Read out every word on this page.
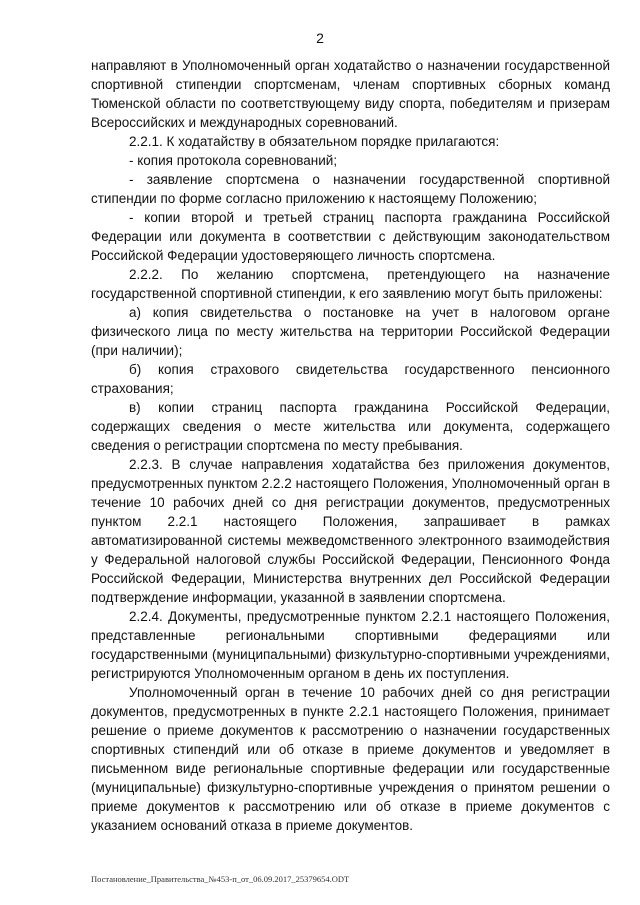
2

направляют в Уполномоченный орган ходатайство о назначении государственной спортивной стипендии спортсменам, членам спортивных сборных команд Тюменской области по соответствующему виду спорта, победителям и призерам Всероссийских и международных соревнований.

2.2.1. К ходатайству в обязательном порядке прилагаются:

- копия протокола соревнований;

- заявление спортсмена о назначении государственной спортивной стипендии по форме согласно приложению к настоящему Положению;

- копии второй и третьей страниц паспорта гражданина Российской Федерации или документа в соответствии с действующим законодательством Российской Федерации удостоверяющего личность спортсмена.

2.2.2. По желанию спортсмена, претендующего на назначение государственной спортивной стипендии, к его заявлению могут быть приложены:

а) копия свидетельства о постановке на учет в налоговом органе физического лица по месту жительства на территории Российской Федерации (при наличии);

б) копия страхового свидетельства государственного пенсионного страхования;

в) копии страниц паспорта гражданина Российской Федерации, содержащих сведения о месте жительства или документа, содержащего сведения о регистрации спортсмена по месту пребывания.

2.2.3. В случае направления ходатайства без приложения документов, предусмотренных пунктом 2.2.2 настоящего Положения, Уполномоченный орган в течение 10 рабочих дней со дня регистрации документов, предусмотренных пунктом 2.2.1 настоящего Положения, запрашивает в рамках автоматизированной системы межведомственного электронного взаимодействия у Федеральной налоговой службы Российской Федерации, Пенсионного Фонда Российской Федерации, Министерства внутренних дел Российской Федерации подтверждение информации, указанной в заявлении спортсмена.

2.2.4. Документы, предусмотренные пунктом 2.2.1 настоящего Положения, представленные региональными спортивными федерациями или государственными (муниципальными) физкультурно-спортивными учреждениями, регистрируются Уполномоченным органом в день их поступления.

Уполномоченный орган в течение 10 рабочих дней со дня регистрации документов, предусмотренных в пункте 2.2.1 настоящего Положения, принимает решение о приеме документов к рассмотрению о назначении государственных спортивных стипендий или об отказе в приеме документов и уведомляет в письменном виде региональные спортивные федерации или государственные (муниципальные) физкультурно-спортивные учреждения о принятом решении о приеме документов к рассмотрению или об отказе в приеме документов с указанием оснований отказа в приеме документов.

Постановление_Правительства_№453-п_от_06.09.2017_25379654.ODT
